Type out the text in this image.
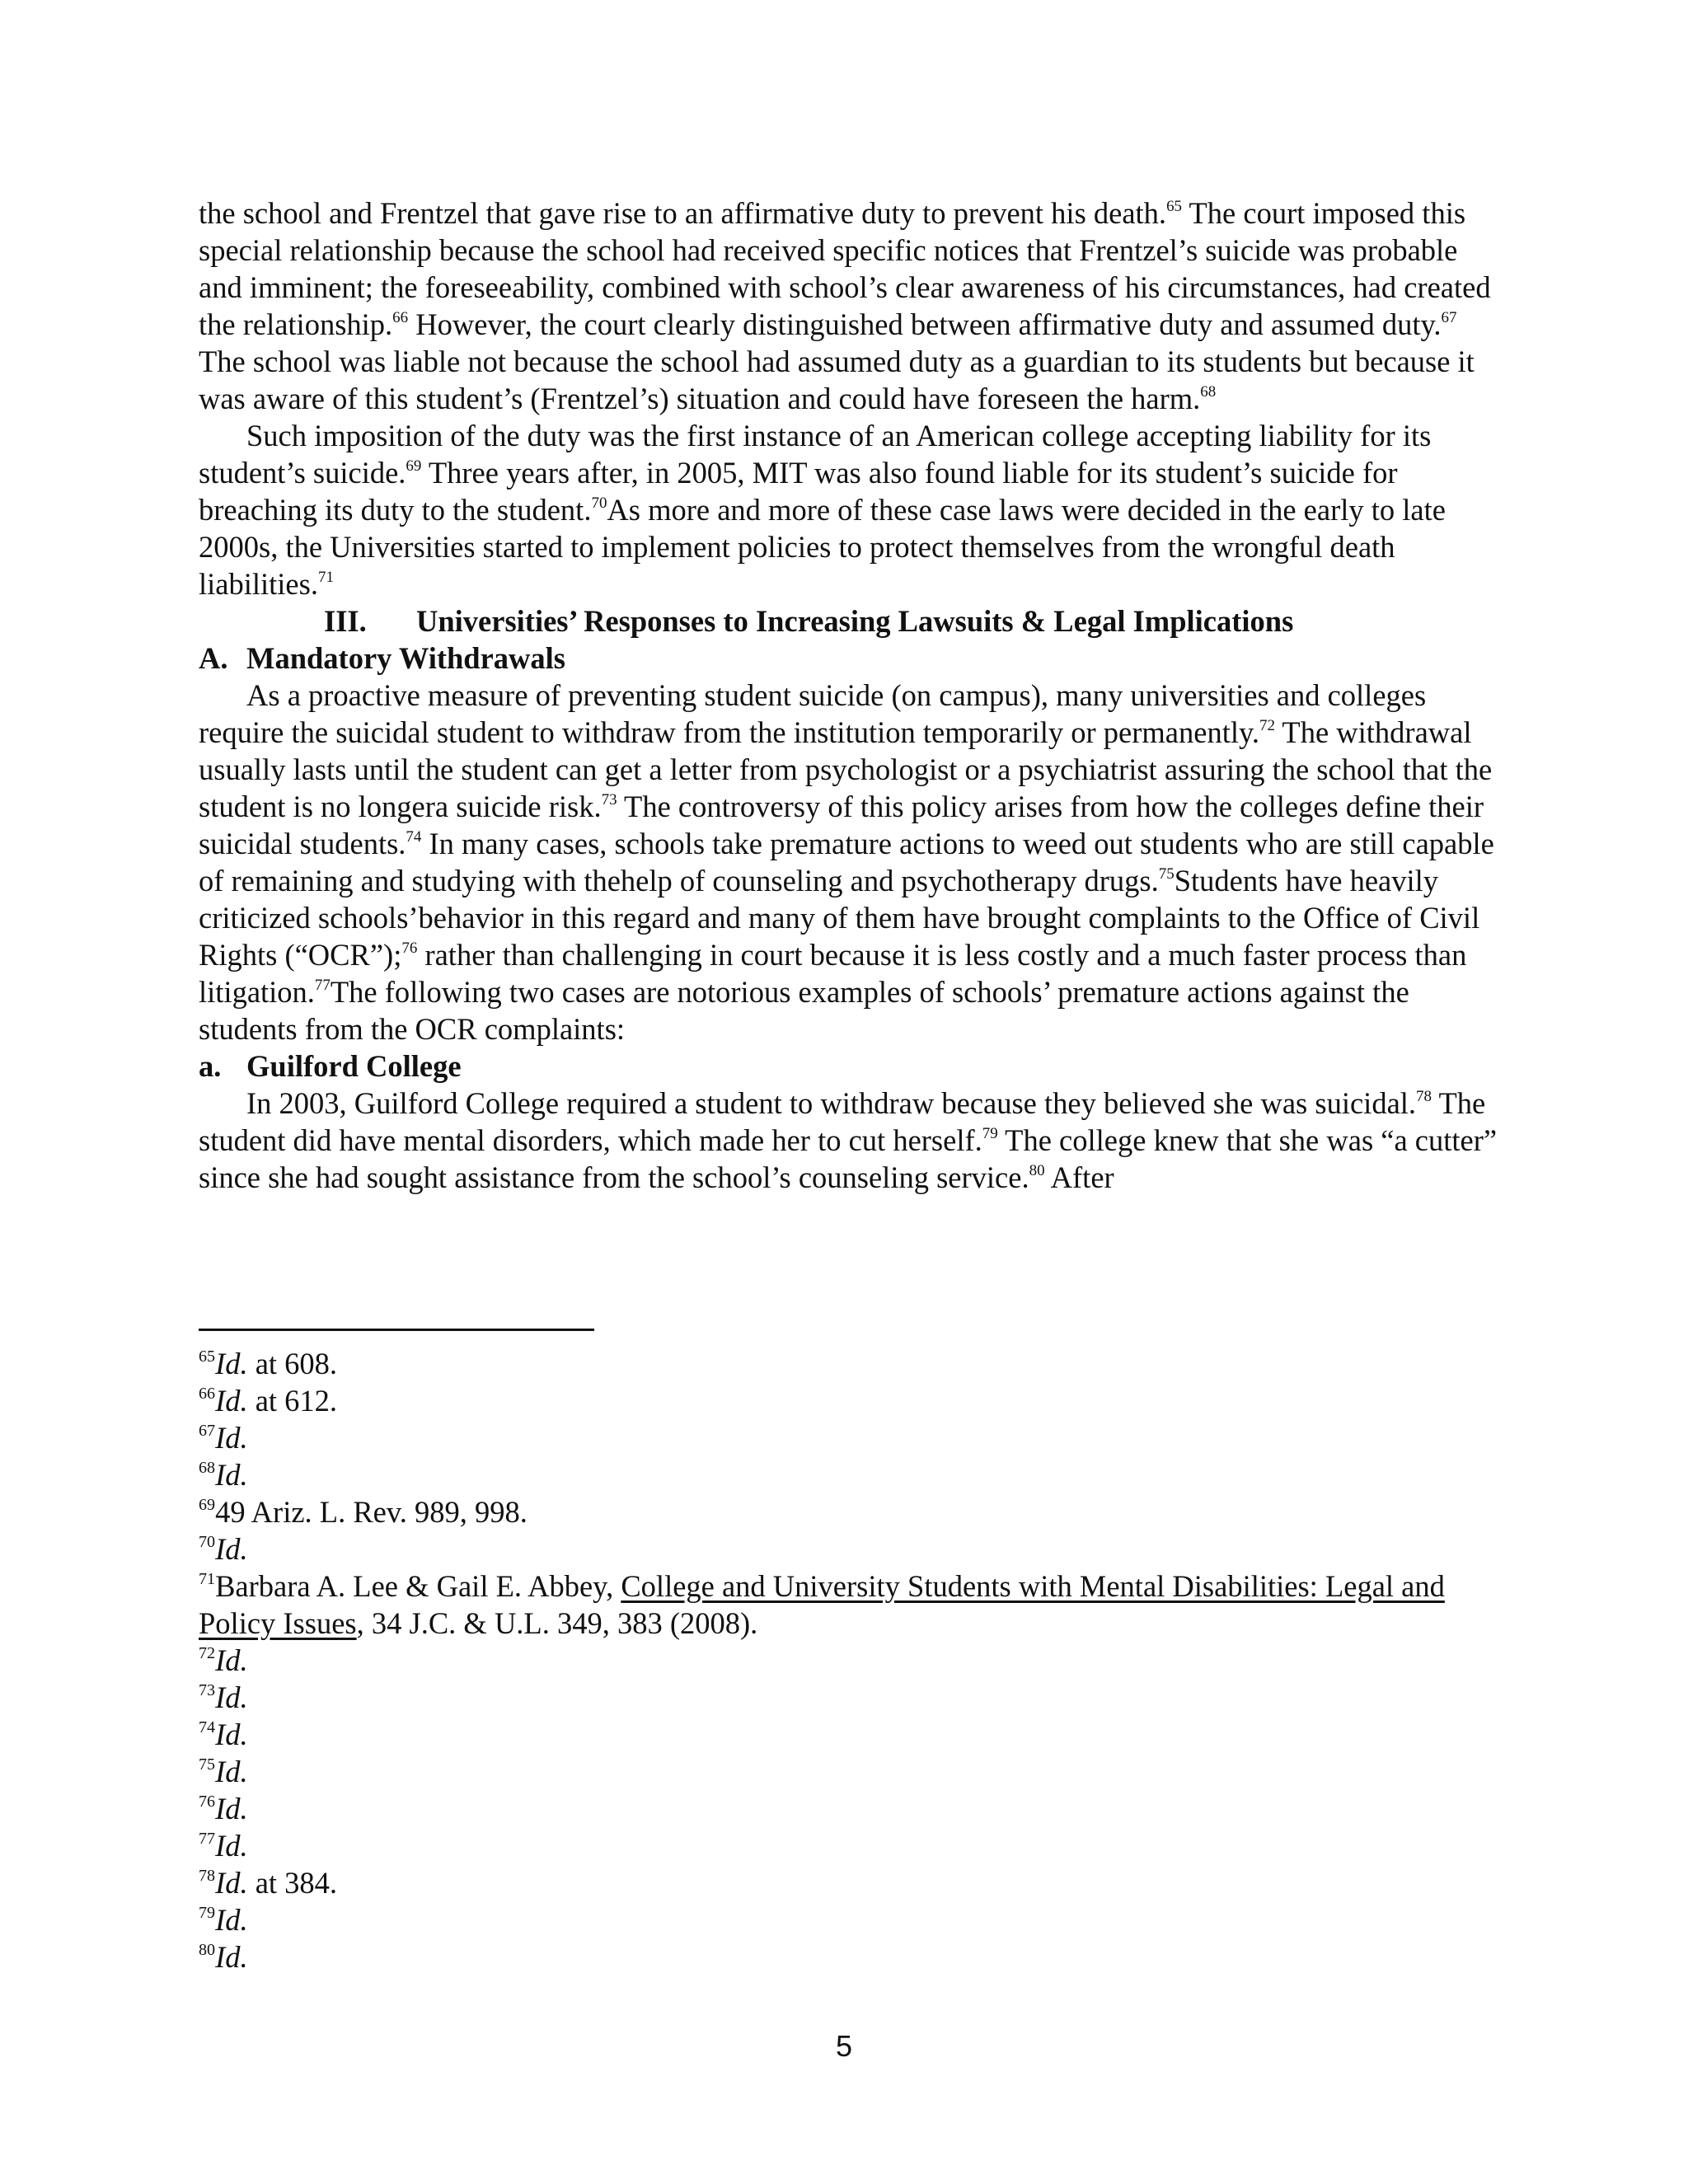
the school and Frentzel that gave rise to an affirmative duty to prevent his death.$^{65}$ The court imposed this special relationship because the school had received specific notices that Frentzel’s suicide was probable and imminent; the foreseeability, combined with school’s clear awareness of his circumstances, had created the relationship.$^{66}$ However, the court clearly distinguished between affirmative duty and assumed duty.$^{67}$ The school was liable not because the school had assumed duty as a guardian to its students but because it was aware of this student’s (Frentzel’s) situation and could have foreseen the harm.$^{68}$

Such imposition of the duty was the first instance of an American college accepting liability for its student’s suicide.$^{69}$ Three years after, in 2005, MIT was also found liable for its student’s suicide for breaching its duty to the student.$^{70}$As more and more of these case laws were decided in the early to late 2000s, the Universities started to implement policies to protect themselves from the wrongful death liabilities.$^{71}$

III. Universities’ Responses to Increasing Lawsuits & Legal Implications

A. Mandatory Withdrawals

As a proactive measure of preventing student suicide (on campus), many universities and colleges require the suicidal student to withdraw from the institution temporarily or permanently.$^{72}$ The withdrawal usually lasts until the student can get a letter from psychologist or a psychiatrist assuring the school that the student is no longera suicide risk.$^{73}$ The controversy of this policy arises from how the colleges define their suicidal students.$^{74}$ In many cases, schools take premature actions to weed out students who are still capable of remaining and studying with thehelp of counseling and psychotherapy drugs.$^{75}$Students have heavily criticized schools’behavior in this regard and many of them have brought complaints to the Office of Civil Rights (“OCR”);$^{76}$ rather than challenging in court because it is less costly and a much faster process than litigation.$^{77}$The following two cases are notorious examples of schools’ premature actions against the students from the OCR complaints:

a. Guilford College

In 2003, Guilford College required a student to withdraw because they believed she was suicidal.$^{78}$ The student did have mental disorders, which made her to cut herself.$^{79}$ The college knew that she was “a cutter” since she had sought assistance from the school’s counseling service.$^{80}$ After

$^{65}$Id. at 608.

$^{66}$Id. at 612.

$^{67}$Id.

$^{68}$Id.

$^{69}$49 Ariz. L. Rev. 989, 998.

$^{70}$Id.

$^{71}$Barbara A. Lee & Gail E. Abbey, College and University Students with Mental Disabilities: Legal and Policy Issues, 34 J.C. & U.L. 349, 383 (2008).

$^{72}$Id.

$^{73}$Id.

$^{74}$Id.

$^{75}$Id.

$^{76}$Id.

$^{77}$Id.

$^{78}$Id. at 384.

$^{79}$Id.

$^{80}$Id.

5
